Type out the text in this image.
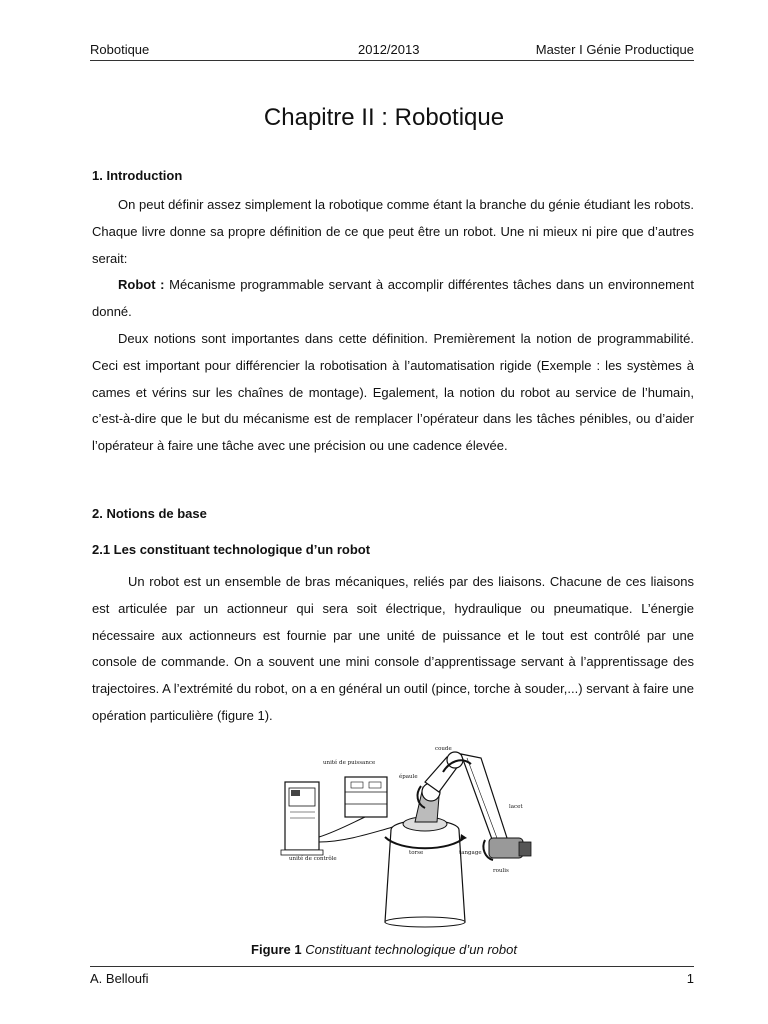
Robotique	2012/2013	Master I Génie Productique
Chapitre II : Robotique
1. Introduction

On peut définir assez simplement la robotique comme étant la branche du génie étudiant les robots. Chaque livre donne sa propre définition de ce que peut être un robot. Une ni mieux ni pire que d’autres serait:

Robot : Mécanisme programmable servant à accomplir différentes tâches dans un environnement donné.

Deux notions sont importantes dans cette définition. Premièrement la notion de programmabilité. Ceci est important pour différencier la robotisation à l’automatisation rigide (Exemple : les systèmes à cames et vérins sur les chaînes de montage). Egalement, la notion du robot au service de l’humain, c’est-à-dire que le but du mécanisme est de remplacer l’opérateur dans les tâches pénibles, ou d’aider l’opérateur à faire une tâche avec une précision ou une cadence élevée.

2. Notions de base
2.1 Les constituant technologique d’un robot

Un robot est un ensemble de bras mécaniques, reliés par des liaisons. Chacune de ces liaisons est articulée par un actionneur qui sera soit électrique, hydraulique ou pneumatique. L’énergie nécessaire aux actionneurs est fournie par une unité de puissance et le tout est contrôlé par une console de commande. On a souvent une mini console d’apprentissage servant à l’apprentissage des trajectoires. A l’extrémité du robot, on a en général un outil (pince, torche à souder,...) servant à faire une opération particulière (figure 1).

coude
unité de puissance
épaule
lacet
torse	tangage
roulis
unité de contrôle
Figure 1 Constituant technologique d’un robot
A. Belloufi	1
